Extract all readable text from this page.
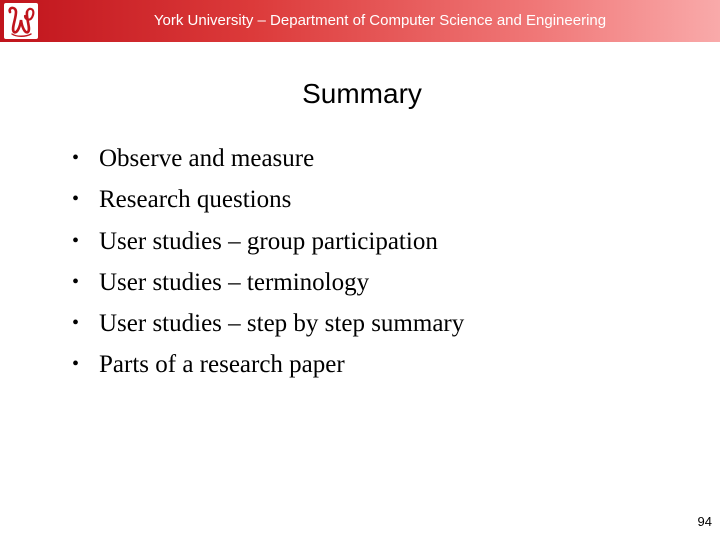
York University – Department of Computer Science and Engineering
Summary
• Observe and measure
• Research questions
• User studies – group participation
• User studies – terminology
• User studies – step by step summary
• Parts of a research paper
94
